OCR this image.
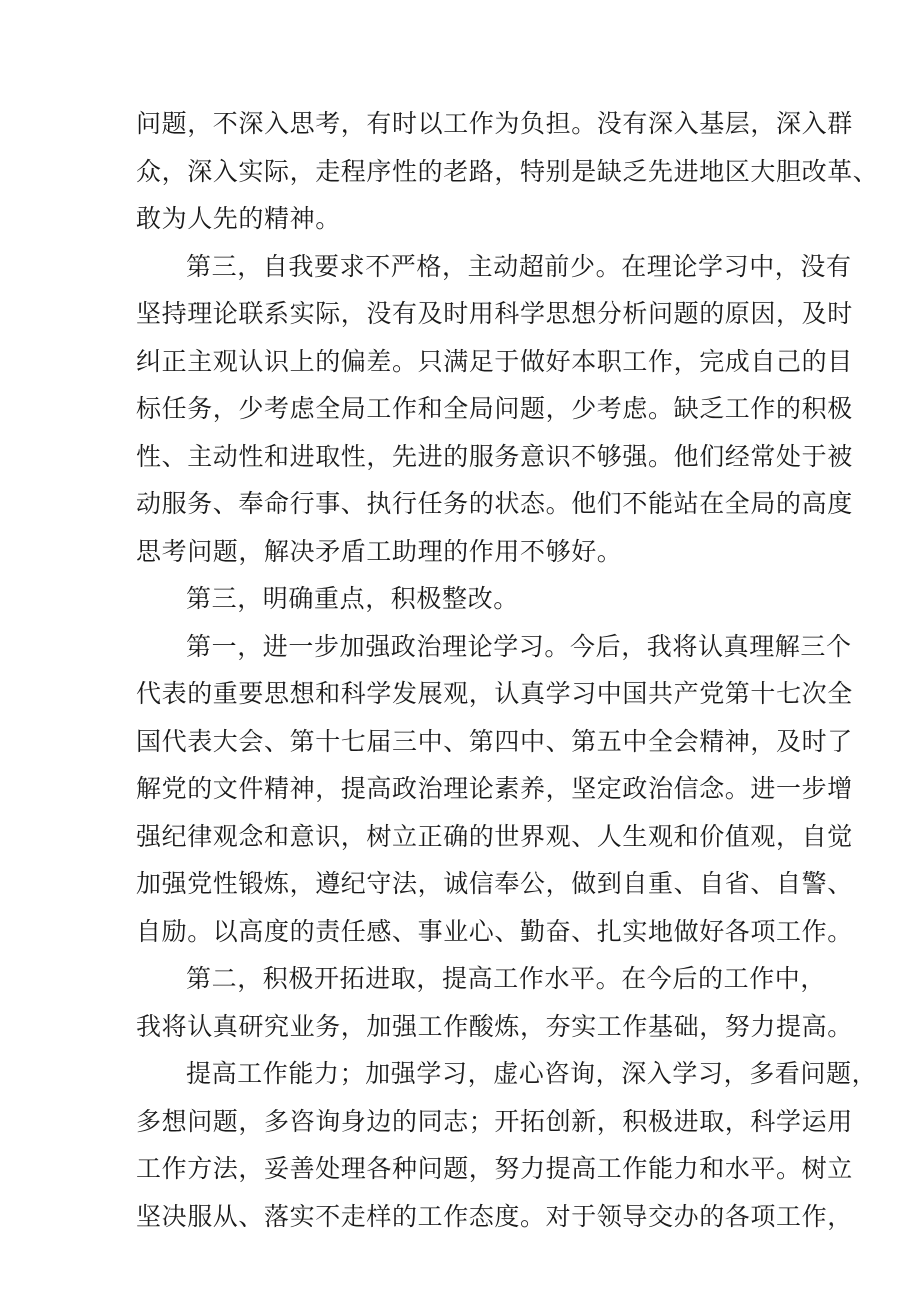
问题，不深入思考，有时以工作为负担。没有深入基层，深入群
众，深入实际，走程序性的老路，特别是缺乏先进地区大胆改革、
敢为人先的精神。
第三，自我要求不严格，主动超前少。在理论学习中，没有
坚持理论联系实际，没有及时用科学思想分析问题的原因，及时
纠正主观认识上的偏差。只满足于做好本职工作，完成自己的目
标任务，少考虑全局工作和全局问题，少考虑。缺乏工作的积极
性、主动性和进取性，先进的服务意识不够强。他们经常处于被
动服务、奉命行事、执行任务的状态。他们不能站在全局的高度
思考问题，解决矛盾工助理的作用不够好。
第三，明确重点，积极整改。
第一，进一步加强政治理论学习。今后，我将认真理解三个
代表的重要思想和科学发展观，认真学习中国共产党第十七次全
国代表大会、第十七届三中、第四中、第五中全会精神，及时了
解党的文件精神，提高政治理论素养，坚定政治信念。进一步增
强纪律观念和意识，树立正确的世界观、人生观和价值观，自觉
加强党性锻炼，遵纪守法，诚信奉公，做到自重、自省、自警、
自励。以高度的责任感、事业心、勤奋、扎实地做好各项工作。
第二，积极开拓进取，提高工作水平。在今后的工作中，
我将认真研究业务，加强工作酸炼，夯实工作基础，努力提高。
提高工作能力；加强学习，虚心咨询，深入学习，多看问题，
多想问题，多咨询身边的同志；开拓创新，积极进取，科学运用
工作方法，妥善处理各种问题，努力提高工作能力和水平。树立
坚决服从、落实不走样的工作态度。对于领导交办的各项工作，
